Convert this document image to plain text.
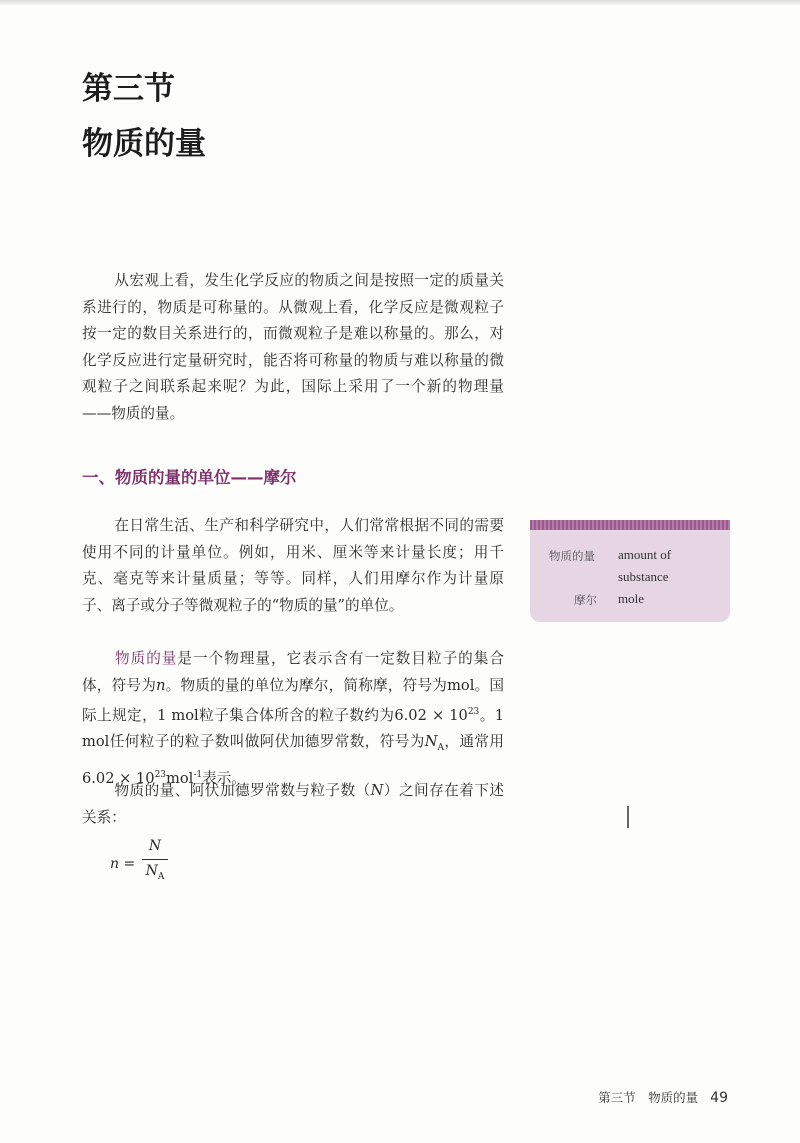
第三节
物质的量

从宏观上看，发生化学反应的物质之间是按照一定的质量关系进行的，物质是可称量的。从微观上看，化学反应是微观粒子按一定的数目关系进行的，而微观粒子是难以称量的。那么，对化学反应进行定量研究时，能否将可称量的物质与难以称量的微观粒子之间联系起来呢？为此，国际上采用了一个新的物理量——物质的量。

一、物质的量的单位——摩尔

在日常生活、生产和科学研究中，人们常常根据不同的需要使用不同的计量单位。例如，用米、厘米等来计量长度；用千克、毫克等来计量质量；等等。同样，人们用摩尔作为计量原子、离子或分子等微观粒子的“物质的量”的单位。

物质的量是一个物理量，它表示含有一定数目粒子的集合体，符号为n。物质的量的单位为摩尔，简称摩，符号为mol。国际上规定，1 mol粒子集合体所含的粒子数约为$6.02 \times 10^{23}$。1 mol任何粒子的粒子数叫做阿伏加德罗常数，符号为$N_A$，通常用$6.02 \times 10^{23}mol^{-1}$表示。

物质的量、阿伏加德罗常数与粒子数（N）之间存在着下述关系：

n =
N
$N_A$
物质的量 amount of
substance
摩尔 mole
第三节　物质的量 49
